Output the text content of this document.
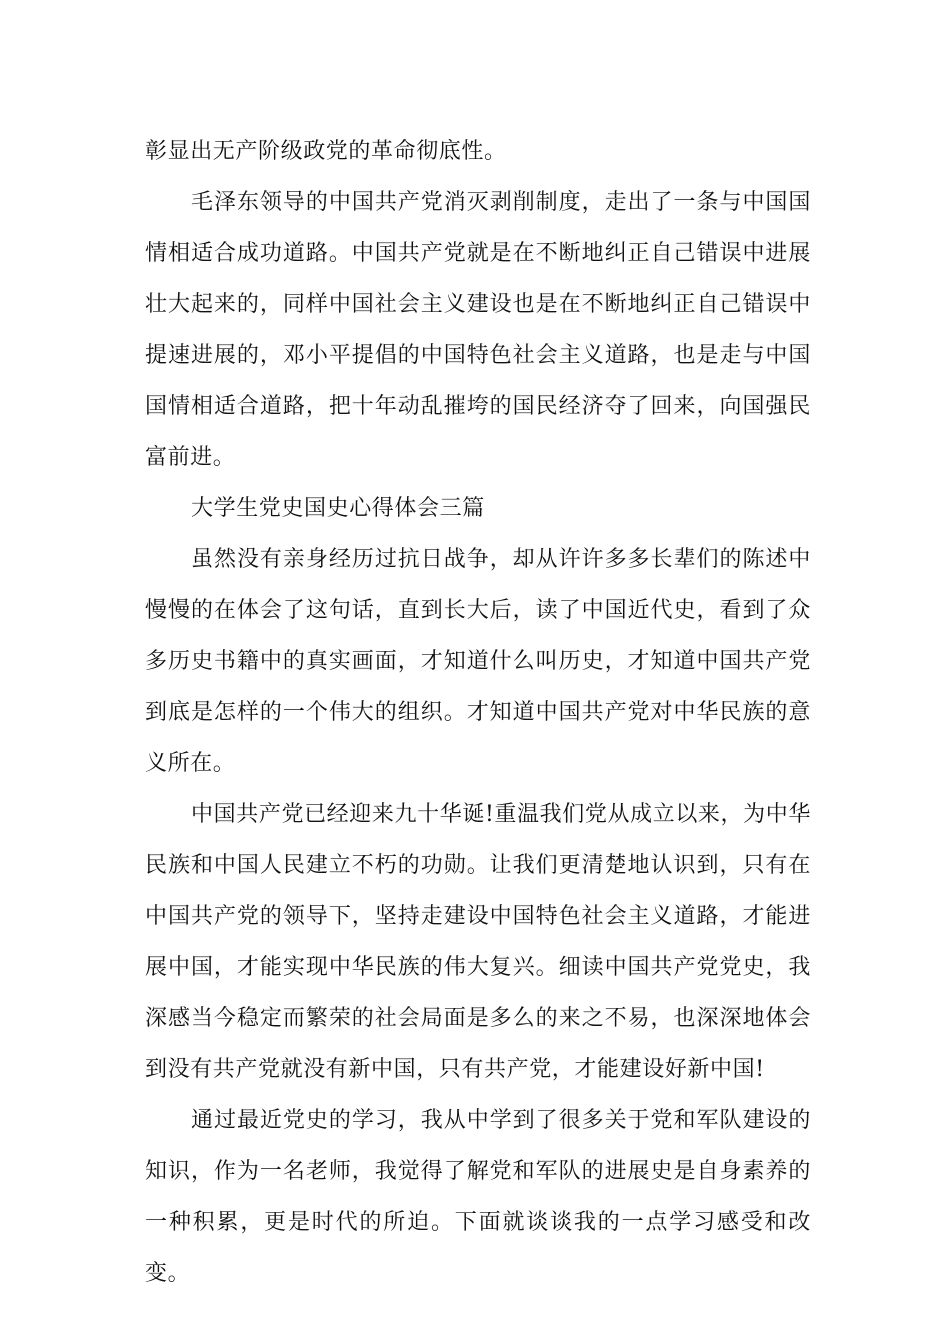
彰显出无产阶级政党的革命彻底性。

毛泽东领导的中国共产党消灭剥削制度，走出了一条与中国国情相适合成功道路。中国共产党就是在不断地纠正自己错误中进展壮大起来的，同样中国社会主义建设也是在不断地纠正自己错误中提速进展的，邓小平提倡的中国特色社会主义道路，也是走与中国国情相适合道路，把十年动乱摧垮的国民经济夺了回来，向国强民富前进。

大学生党史国史心得体会三篇

虽然没有亲身经历过抗日战争，却从许许多多长辈们的陈述中慢慢的在体会了这句话，直到长大后，读了中国近代史，看到了众多历史书籍中的真实画面，才知道什么叫历史，才知道中国共产党到底是怎样的一个伟大的组织。才知道中国共产党对中华民族的意义所在。

中国共产党已经迎来九十华诞!重温我们党从成立以来，为中华民族和中国人民建立不朽的功勋。让我们更清楚地认识到，只有在中国共产党的领导下，坚持走建设中国特色社会主义道路，才能进展中国，才能实现中华民族的伟大复兴。细读中国共产党党史，我深感当今稳定而繁荣的社会局面是多么的来之不易，也深深地体会到没有共产党就没有新中国，只有共产党，才能建设好新中国!

通过最近党史的学习，我从中学到了很多关于党和军队建设的知识，作为一名老师，我觉得了解党和军队的进展史是自身素养的一种积累，更是时代的所迫。下面就谈谈我的一点学习感受和改变。
